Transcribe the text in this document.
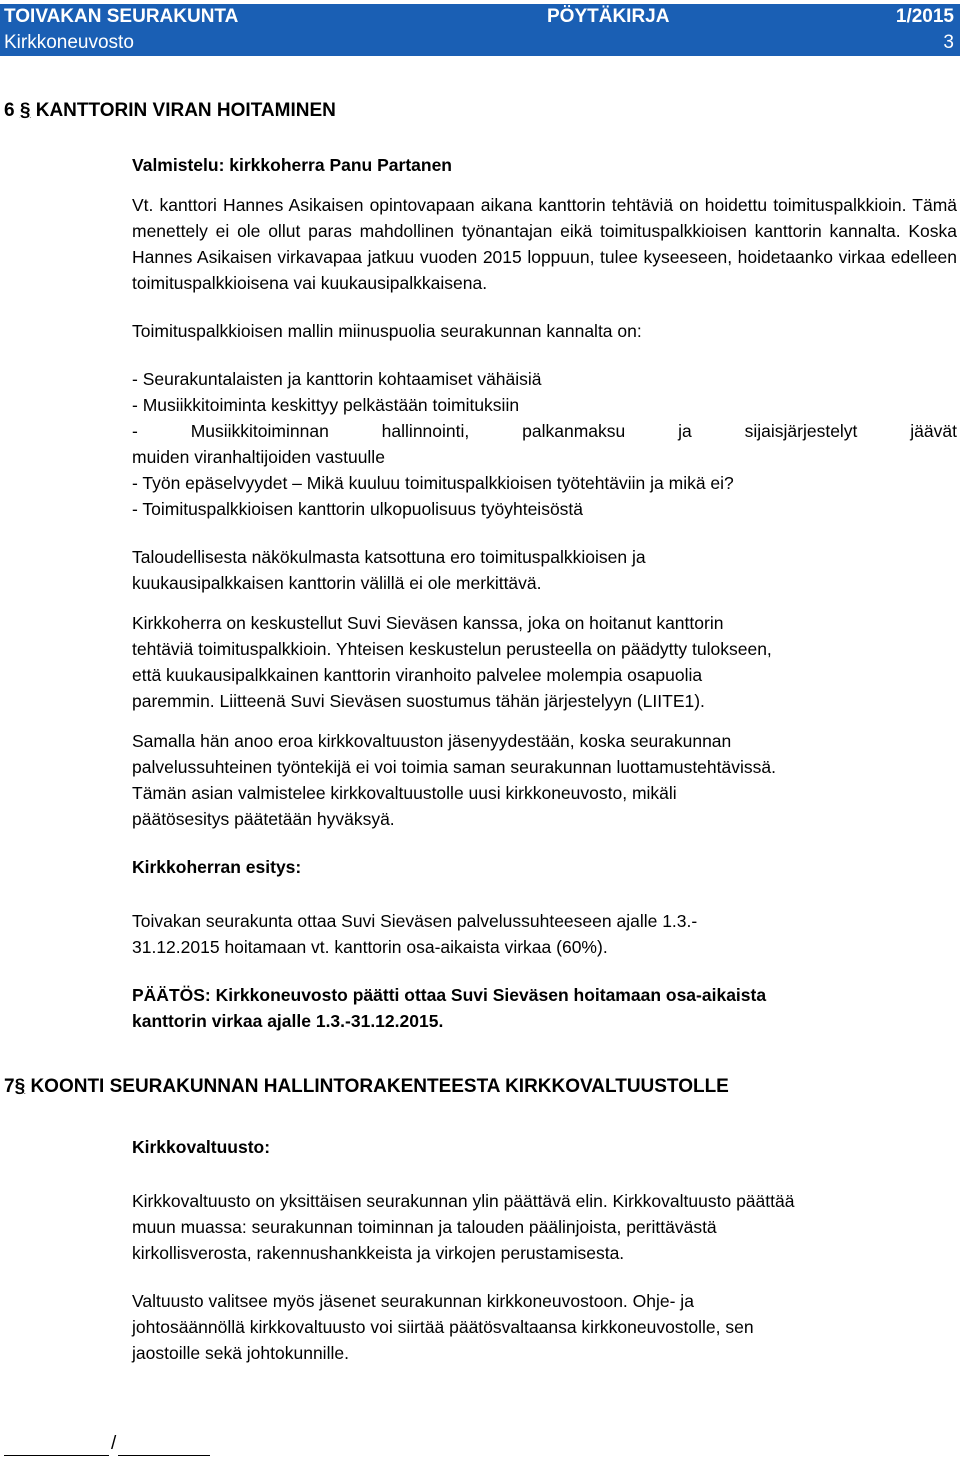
TOIVAKAN SEURAKUNTA	PÖYTÄKIRJA	1/2015
Kirkkoneuvosto	3
6 § KANTTORIN VIRAN HOITAMINEN
Valmistelu: kirkkoherra Panu Partanen

Vt. kanttori Hannes Asikaisen opintovapaan aikana kanttorin tehtäviä on hoidettu toimituspalkkioin. Tämä menettely ei ole ollut paras mahdollinen työnantajan eikä toimituspalkkioisen kanttorin kannalta. Koska Hannes Asikaisen virkavapaa jatkuu vuoden 2015 loppuun, tulee kyseeseen, hoidetaanko virkaa edelleen toimituspalkkioisena vai kuukausipalkkaisena.

Toimituspalkkioisen mallin miinuspuolia seurakunnan kannalta on:
- Seurakuntalaisten ja kanttorin kohtaamiset vähäisiä
- Musiikkitoiminta keskittyy pelkästään toimituksiin
- Musiikkitoiminnan hallinnointi, palkanmaksu ja sijaisjärjestelyt jäävät
muiden viranhaltijoiden vastuulle
- Työn epäselvyydet – Mikä kuuluu toimituspalkkioisen työtehtäviin ja mikä ei?
- Toimituspalkkioisen kanttorin ulkopuolisuus työyhteisöstä
Taloudellisesta näkökulmasta katsottuna ero toimituspalkkioisen ja
kuukausipalkkaisen kanttorin välillä ei ole merkittävä.
Kirkkoherra on keskustellut Suvi Sieväsen kanssa, joka on hoitanut kanttorin
tehtäviä toimituspalkkioin. Yhteisen keskustelun perusteella on päädytty tulokseen,
että kuukausipalkkainen kanttorin viranhoito palvelee molempia osapuolia
paremmin. Liitteenä Suvi Sieväsen suostumus tähän järjestelyyn (LIITE1).
Samalla hän anoo eroa kirkkovaltuuston jäsenyydestään, koska seurakunnan
palvelussuhteinen työntekijä ei voi toimia saman seurakunnan luottamustehtävissä.
Tämän asian valmistelee kirkkovaltuustolle uusi kirkkoneuvosto, mikäli
päätösesitys päätetään hyväksyä.
Kirkkoherran esitys:
Toivakan seurakunta ottaa Suvi Sieväsen palvelussuhteeseen ajalle 1.3.-
31.12.2015 hoitamaan vt. kanttorin osa-aikaista virkaa (60%).
PÄÄTÖS: Kirkkoneuvosto päätti ottaa Suvi Sieväsen hoitamaan osa-aikaista
kanttorin virkaa ajalle 1.3.-31.12.2015.
7§ KOONTI SEURAKUNNAN HALLINTORAKENTEESTA KIRKKOVALTUUSTOLLE
Kirkkovaltuusto:
Kirkkovaltuusto on yksittäisen seurakunnan ylin päättävä elin. Kirkkovaltuusto päättää
muun muassa: seurakunnan toiminnan ja talouden päälinjoista, perittävästä
kirkollisverosta, rakennushankkeista ja virkojen perustamisesta.
Valtuusto valitsee myös jäsenet seurakunnan kirkkoneuvostoon. Ohje- ja
johtosäännöllä kirkkovaltuusto voi siirtää päätösvaltaansa kirkkoneuvostolle, sen
jaostoille sekä johtokunnille.
/
